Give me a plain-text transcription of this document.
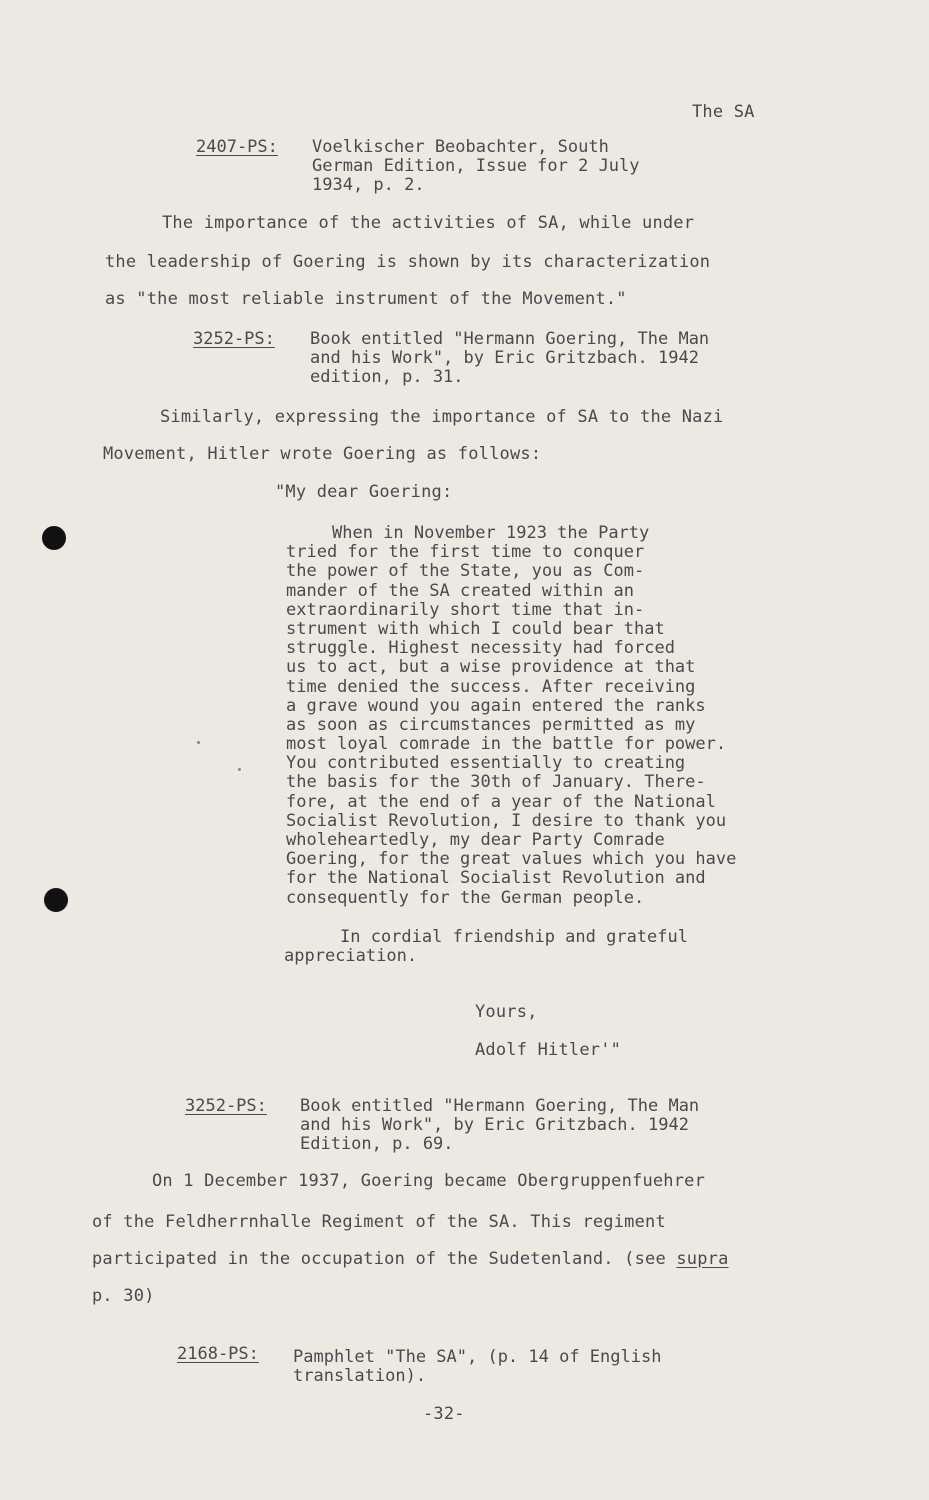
The SA
2407-PS: Voelkischer Beobachter, South
German Edition, Issue for 2 July
1934, p. 2.
The importance of the activities of SA, while under
the leadership of Goering is shown by its characterization
as "the most reliable instrument of the Movement."
3252-PS: Book entitled "Hermann Goering, The Man
and his Work", by Eric Gritzbach. 1942
edition, p. 31.
Similarly, expressing the importance of SA to the Nazi
Movement, Hitler wrote Goering as follows:
"My dear Goering:
When in November 1923 the Party
tried for the first time to conquer
the power of the State, you as Com-
mander of the SA created within an
extraordinarily short time that in-
strument with which I could bear that
struggle. Highest necessity had forced
us to act, but a wise providence at that
time denied the success. After receiving
a grave wound you again entered the ranks
as soon as circumstances permitted as my
most loyal comrade in the battle for power.
You contributed essentially to creating
the basis for the 30th of January. There-
fore, at the end of a year of the National
Socialist Revolution, I desire to thank you
wholeheartedly, my dear Party Comrade
Goering, for the great values which you have
for the National Socialist Revolution and
consequently for the German people.
In cordial friendship and grateful
appreciation.
Yours,
Adolf Hitler'"
3252-PS: Book entitled "Hermann Goering, The Man
and his Work", by Eric Gritzbach. 1942
Edition, p. 69.
On 1 December 1937, Goering became Obergruppenfuehrer
of the Feldherrnhalle Regiment of the SA. This regiment
participated in the occupation of the Sudetenland. (see supra
p. 30)
2168-PS: Pamphlet "The SA", (p. 14 of English
translation).
-32-
